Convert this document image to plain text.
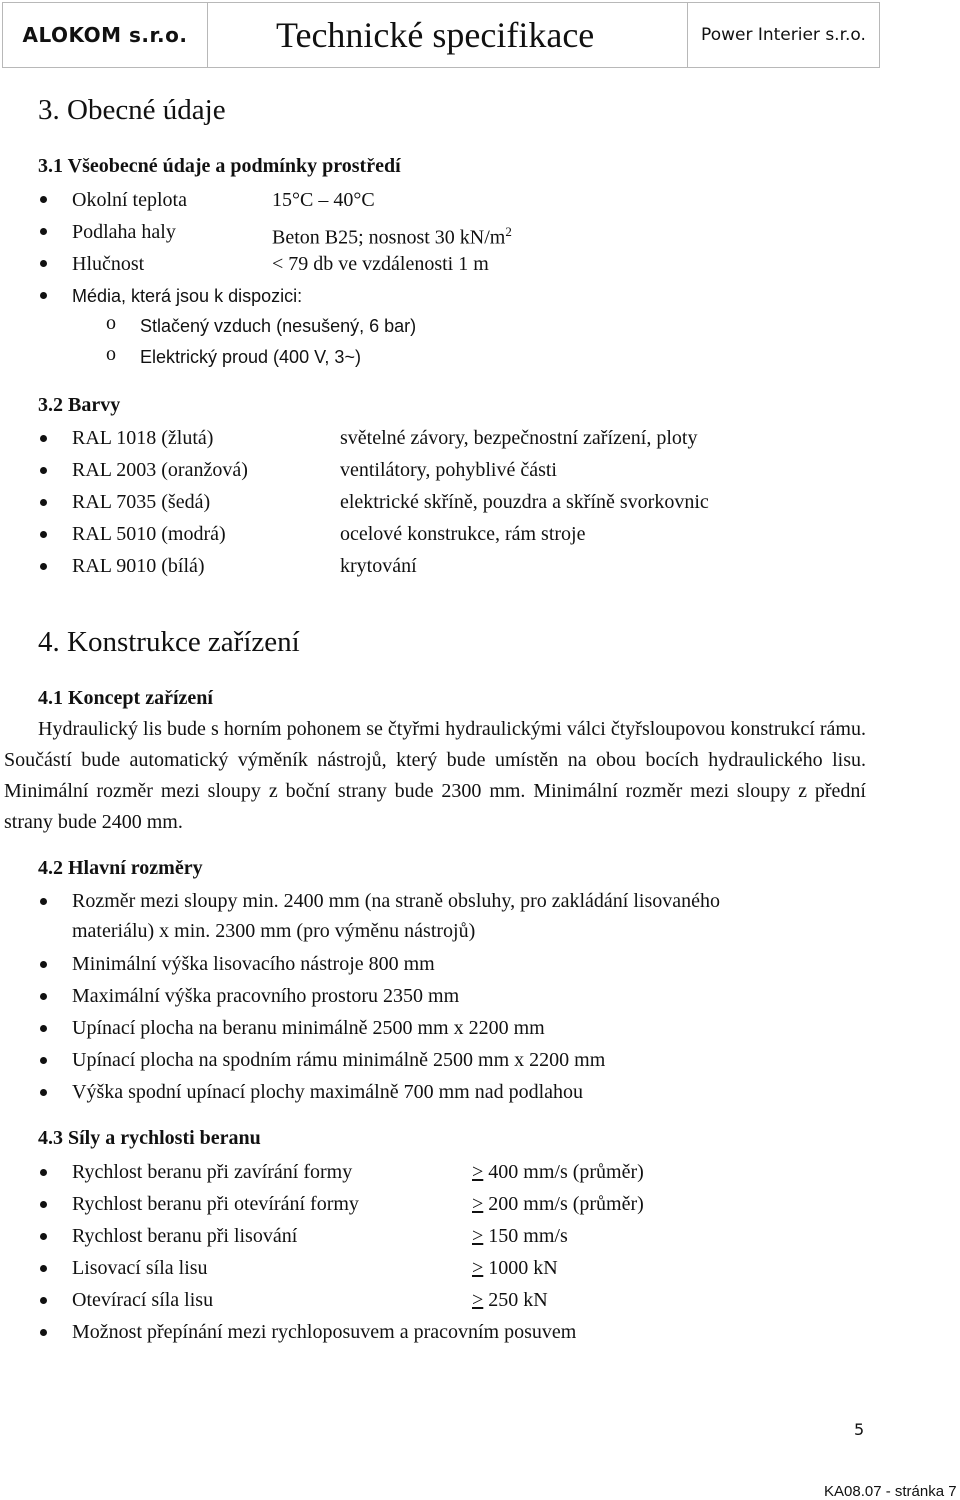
ALOKOM s.r.o.	Technické specifikace	Power Interier s.r.o.
3. Obecné údaje
3.1 Všeobecné údaje a podmínky prostředí
Okolní teplota	15°C – 40°C
Podlaha haly	Beton B25; nosnost 30 $kN/m^2$
Hlučnost	< 79 db ve vzdálenosti 1 m
Média, která jsou k dispozici:
o Stlačený vzduch (nesušený, 6 bar)
o Elektrický proud (400 V, 3~)
3.2 Barvy
RAL 1018 (žlutá)	světelné závory, bezpečnostní zařízení, ploty
RAL 2003 (oranžová)	ventilátory, pohyblivé části
RAL 7035 (šedá)	elektrické skříně, pouzdra a skříně svorkovnic
RAL 5010 (modrá)	ocelové konstrukce, rám stroje
RAL 9010 (bílá)	krytování
4. Konstrukce zařízení
4.1 Koncept zařízení
Hydraulický lis bude s horním pohonem se čtyřmi hydraulickými válci čtyřsloupovou konstrukcí rámu. Součástí bude automatický výměník nástrojů, který bude umístěn na obou bocích hydraulického lisu. Minimální rozměr mezi sloupy z boční strany bude 2300 mm. Minimální rozměr mezi sloupy z přední strany bude 2400 mm.
4.2 Hlavní rozměry
Rozměr mezi sloupy min. 2400 mm (na straně obsluhy, pro zakládání lisovaného
materiálu) x min. 2300 mm (pro výměnu nástrojů)
Minimální výška lisovacího nástroje 800 mm
Maximální výška pracovního prostoru 2350 mm
Upínací plocha na beranu minimálně 2500 mm x 2200 mm
Upínací plocha na spodním rámu minimálně 2500 mm x 2200 mm
Výška spodní upínací plochy maximálně 700 mm nad podlahou
4.3 Síly a rychlosti beranu
Rychlost beranu při zavírání formy	≥ 400 mm/s (průměr)
Rychlost beranu při otevírání formy	≥ 200 mm/s (průměr)
Rychlost beranu při lisování	≥ 150 mm/s
Lisovací síla lisu	≥ 1000 kN
Otevírací síla lisu	≥ 250 kN
Možnost přepínání mezi rychloposuvem a pracovním posuvem
5
KA08.07 - stránka 7
